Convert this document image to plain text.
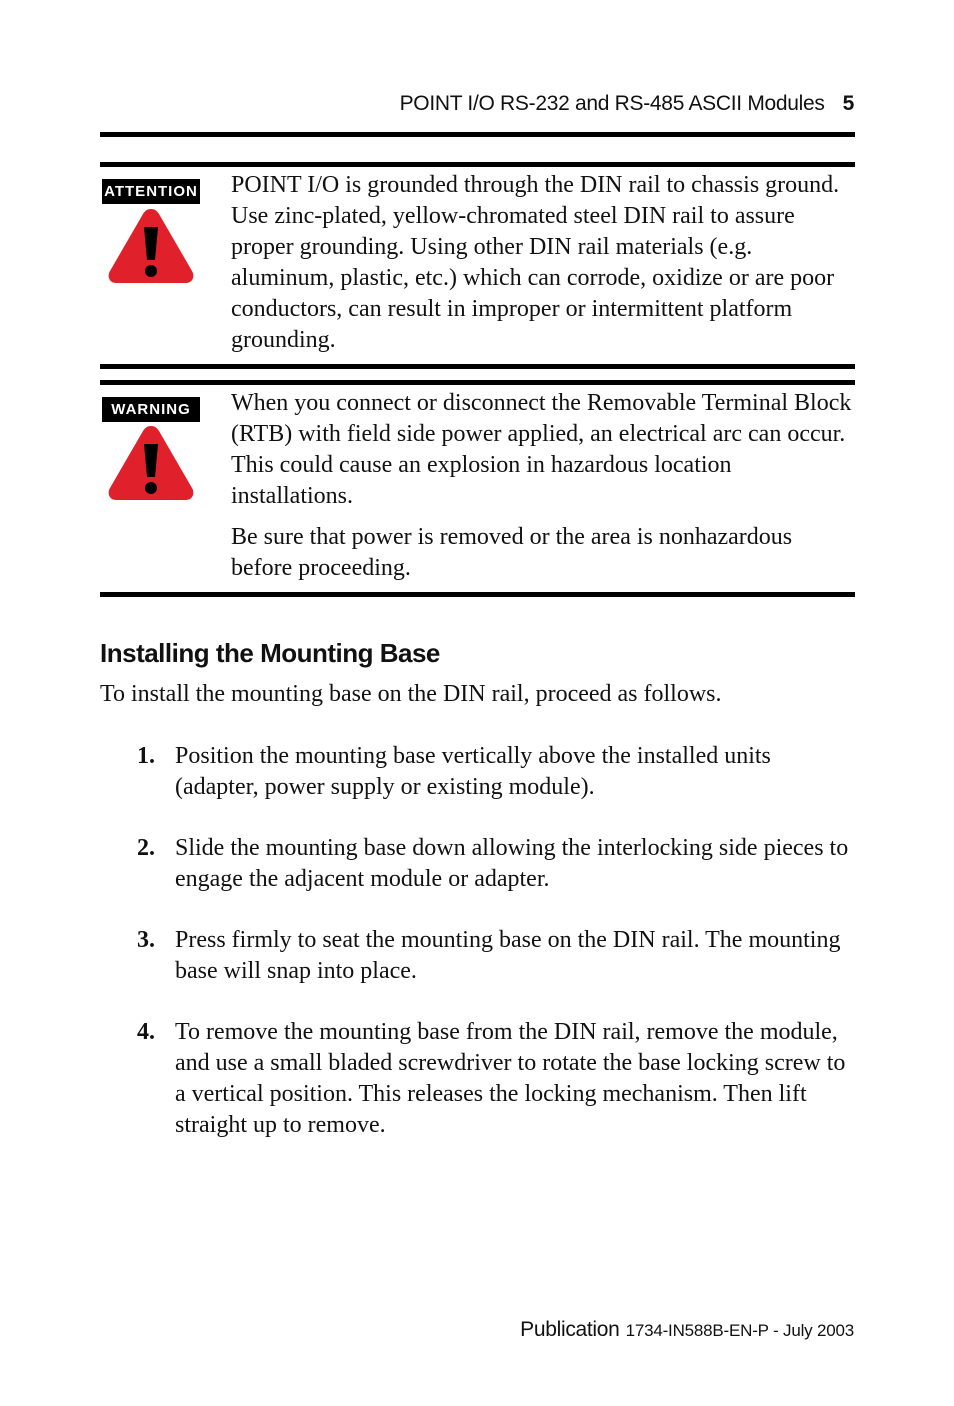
POINT I/O RS-232 and RS-485 ASCII Modules 5
ATTENTION POINT I/O is grounded through the DIN rail to chassis ground. Use zinc-plated, yellow-chromated steel DIN rail to assure proper grounding. Using other DIN rail materials (e.g. aluminum, plastic, etc.) which can corrode, oxidize or are poor conductors, can result in improper or intermittent platform grounding.

WARNING	When you connect or disconnect the Removable Terminal Block (RTB) with field side power applied, an electrical arc can occur. This could cause an explosion in hazardous location installations.

Be sure that power is removed or the area is nonhazardous before proceeding.

Installing the Mounting Base
To install the mounting base on the DIN rail, proceed as follows.
1. Position the mounting base vertically above the installed units (adapter, power supply or existing module).
2. Slide the mounting base down allowing the interlocking side pieces to engage the adjacent module or adapter.
3. Press firmly to seat the mounting base on the DIN rail. The mounting base will snap into place.
4. To remove the mounting base from the DIN rail, remove the module, and use a small bladed screwdriver to rotate the base locking screw to a vertical position. This releases the locking mechanism. Then lift straight up to remove.
Publication 1734-IN588B-EN-P - July 2003
